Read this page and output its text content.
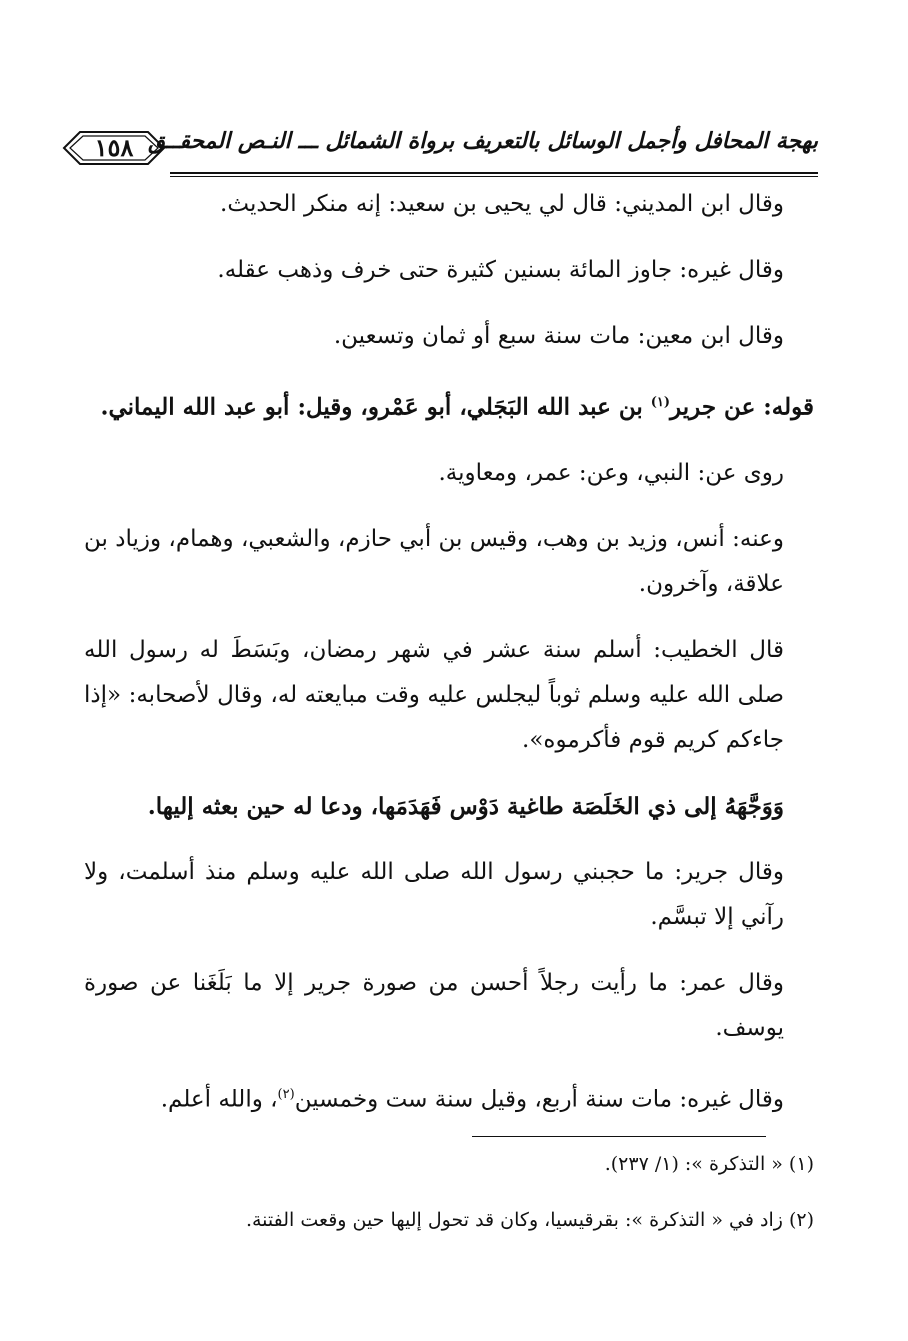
١٥٨ بهجة المحافل وأجمل الوسائل بالتعريف برواة الشمائل ـــ النـص المحقــق

وقال ابن المديني: قال لي يحيى بن سعيد: إنه منكر الحديث.

وقال غيره: جاوز المائة بسنين كثيرة حتى خرف وذهب عقله.

وقال ابن معين: مات سنة سبع أو ثمان وتسعين.

قوله: عن جرير$^{(١)}$ بن عبد الله البَجَلي، أبو عَمْرو، وقيل: أبو عبد الله اليماني.

روى عن: النبي، وعن: عمر، ومعاوية.

وعنه: أنس، وزيد بن وهب، وقيس بن أبي حازم، والشعبي، وهمام، وزياد بن علاقة، وآخرون.

قال الخطيب: أسلم سنة عشر في شهر رمضان، وبَسَطَ له رسول الله صلى الله عليه وسلم ثوباً ليجلس عليه وقت مبايعته له، وقال لأصحابه: «إذا جاءكم كريم قوم فأكرموه».

وَوَجَّهَهُ إلى ذي الخَلَصَة طاغية دَوْس فَهَدَمَها، ودعا له حين بعثه إليها.

وقال جرير: ما حجبني رسول الله صلى الله عليه وسلم منذ أسلمت، ولا رآني إلا تبسَّم.

وقال عمر: ما رأيت رجلاً أحسن من صورة جرير إلا ما بَلَغَنا عن صورة يوسف.

وقال غيره: مات سنة أربع، وقيل سنة ست وخمسين$^{(٢)}$، والله أعلم.

(١) « التذكرة »: (١/ ٢٣٧).
(٢) زاد في « التذكرة »: بقرقيسيا، وكان قد تحول إليها حين وقعت الفتنة.
